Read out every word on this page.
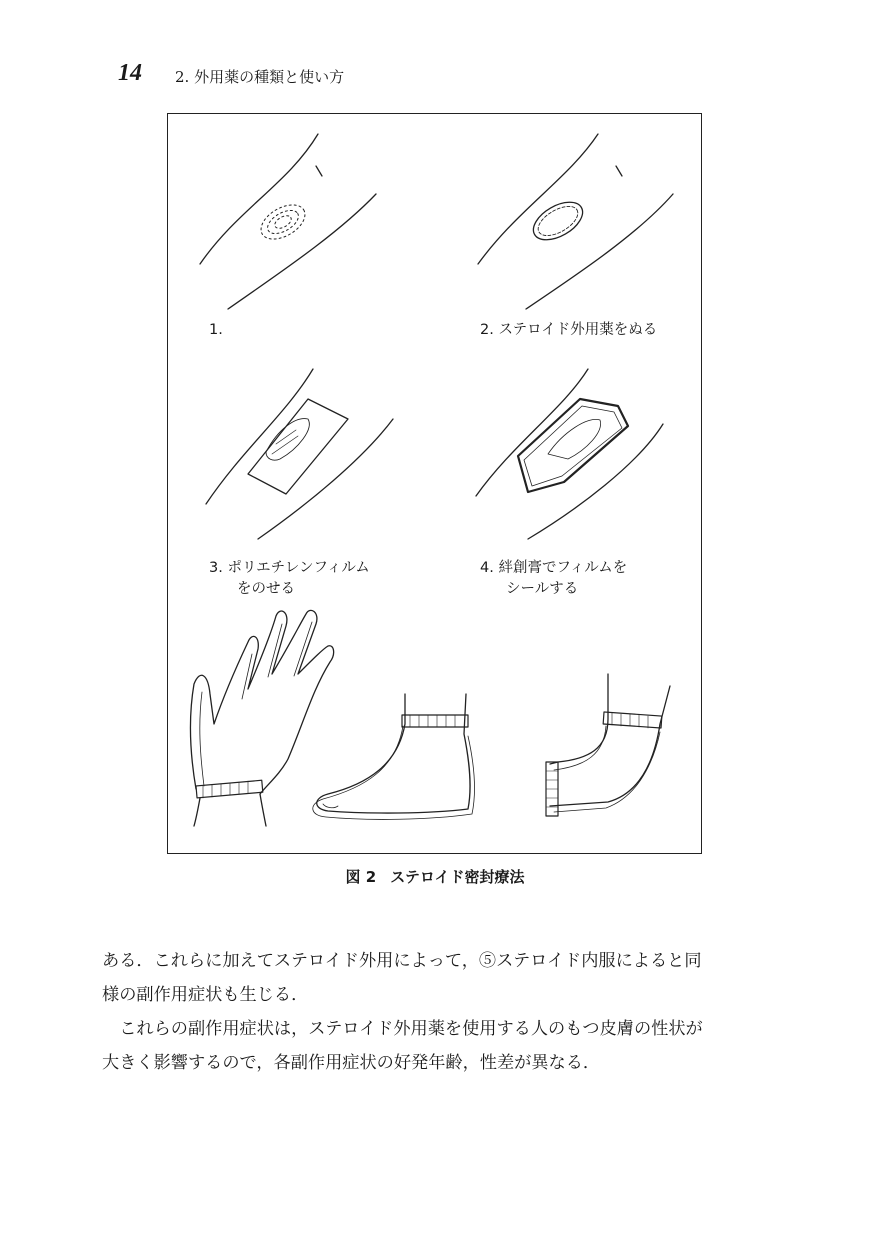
14 2. 外用薬の種類と使い方
1.	2. ステロイド外用薬をぬる
3. ポリエチレンフィルム
をのせる
4. 絆創膏でフィルムを
シールする
図 2 ステロイド密封療法

ある．これらに加えてステロイド外用によって，⑤ステロイド内服によると同

様の副作用症状も生じる．

これらの副作用症状は，ステロイド外用薬を使用する人のもつ皮膚の性状が

大きく影響するので，各副作用症状の好発年齢，性差が異なる．
